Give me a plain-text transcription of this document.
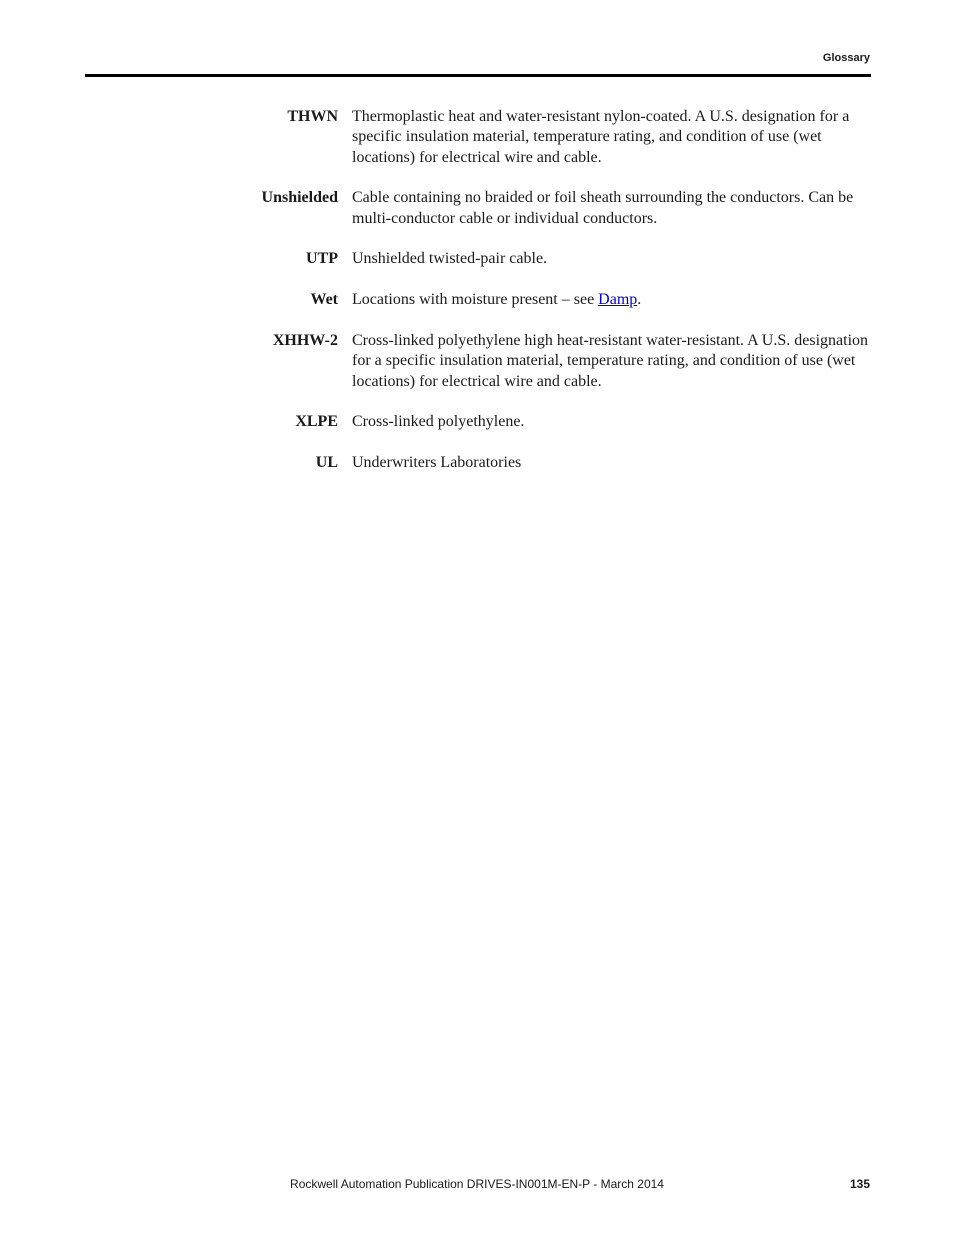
Glossary
THWN Thermoplastic heat and water-resistant nylon-coated. A U.S. designation for a specific insulation material, temperature rating, and condition of use (wet locations) for electrical wire and cable.
Unshielded Cable containing no braided or foil sheath surrounding the conductors. Can be multi-conductor cable or individual conductors.
UTP Unshielded twisted-pair cable.
Wet Locations with moisture present – see Damp.
XHHW-2 Cross-linked polyethylene high heat-resistant water-resistant. A U.S. designation for a specific insulation material, temperature rating, and condition of use (wet locations) for electrical wire and cable.
XLPE Cross-linked polyethylene.
UL Underwriters Laboratories
Rockwell Automation Publication DRIVES-IN001M-EN-P - March 2014	135
